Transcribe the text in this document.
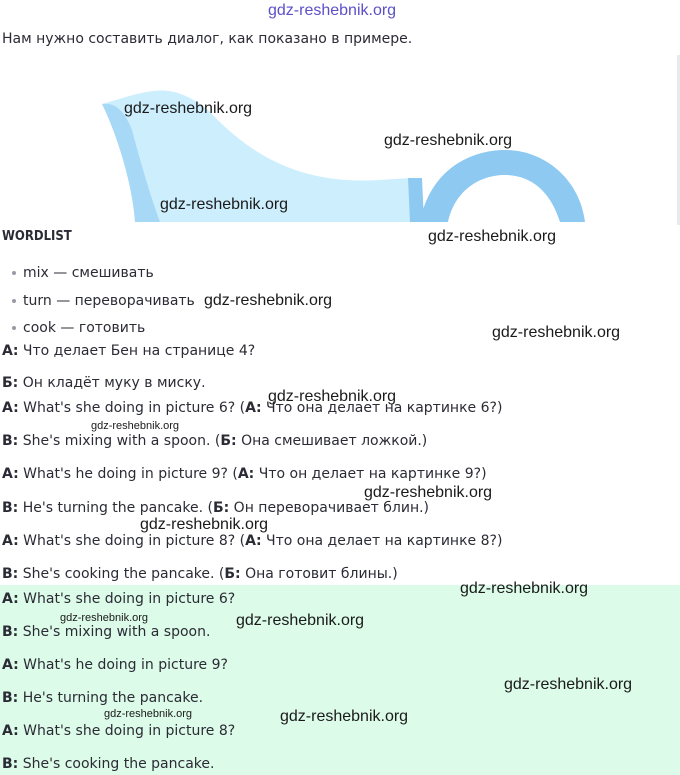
gdz-reshebnik.org
Нам нужно составить диалог, как показано в примере.
WORDLIST
mix — смешивать
turn — переворачивать
cook — готовить
А: Что делает Бен на странице 4?
Б: Он кладёт муку в миску.
A: What's she doing in picture 6? (А: Что она делает на картинке 6?)
B: She's mixing with a spoon. (Б: Она смешивает ложкой.)
A: What's he doing in picture 9? (А: Что он делает на картинке 9?)
B: He's turning the pancake. (Б: Он переворачивает блин.)
A: What's she doing in picture 8? (А: Что она делает на картинке 8?)
B: She's cooking the pancake. (Б: Она готовит блины.)
A: What's she doing in picture 6?
B: She's mixing with a spoon.
A: What's he doing in picture 9?
B: He's turning the pancake.
A: What's she doing in picture 8?
B: She's cooking the pancake.
gdz-reshebnik.org
gdz-reshebnik.org
gdz-reshebnik.org
gdz-reshebnik.org
gdz-reshebnik.org
gdz-reshebnik.org
gdz-reshebnik.org
gdz-reshebnik.org
gdz-reshebnik.org
gdz-reshebnik.org
gdz-reshebnik.org
gdz-reshebnik.org	gdz-reshebnik.org
gdz-reshebnik.org
gdz-reshebnik.org	gdz-reshebnik.org
